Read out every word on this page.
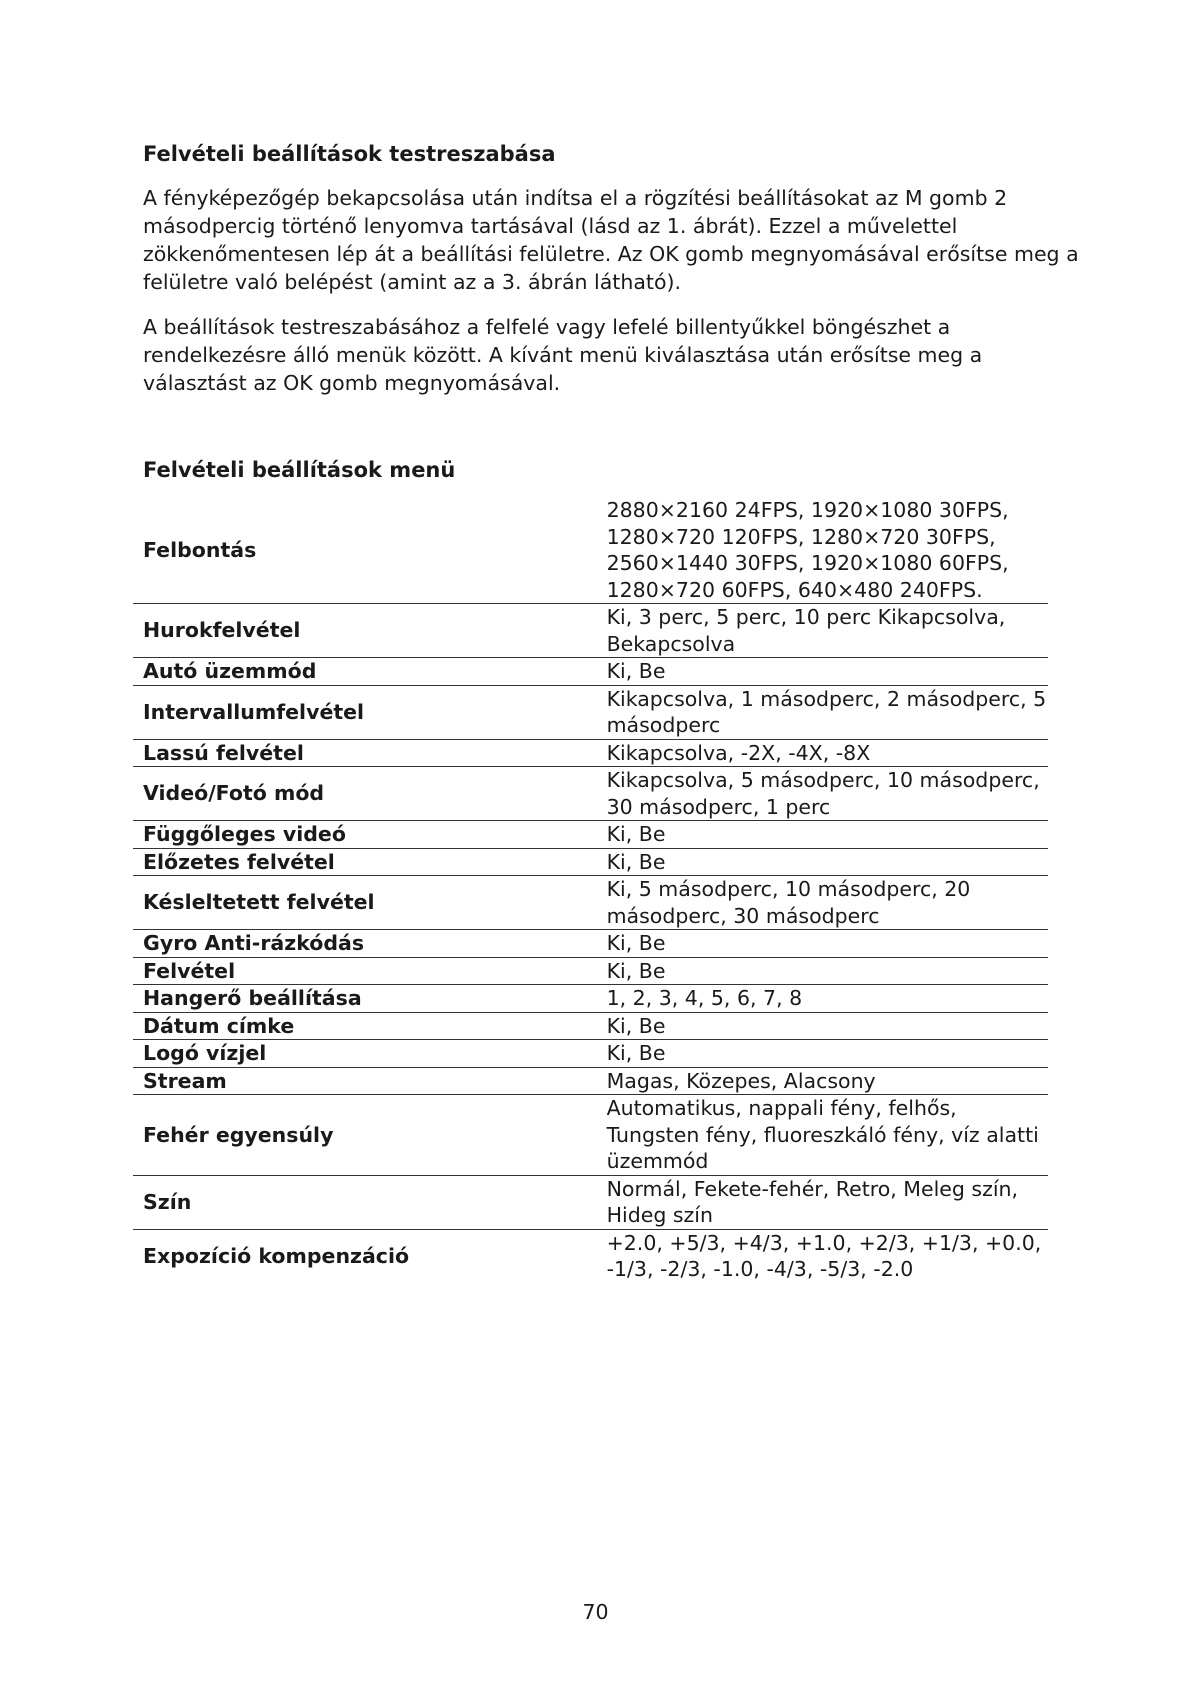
Felvételi beállítások testreszabása

A fényképezőgép bekapcsolása után indítsa el a rögzítési beállításokat az M gomb 2 másodpercig történő lenyomva tartásával (lásd az 1. ábrát). Ezzel a művelettel zökkenőmentesen lép át a beállítási felületre. Az OK gomb megnyomásával erősítse meg a felületre való belépést (amint az a 3. ábrán látható).

A beállítások testreszabásához a felfelé vagy lefelé billentyűkkel böngészhet a rendelkezésre álló menük között. A kívánt menü kiválasztása után erősítse meg a választást az OK gomb megnyomásával.

Felvételi beállítások menü
Felbontás	2880×2160 24FPS, 1920×1080 30FPS, 1280×720 120FPS, 1280×720 30FPS, 2560×1440 30FPS, 1920×1080 60FPS, 1280×720 60FPS, 640×480 240FPS.
Hurokfelvétel	Ki, 3 perc, 5 perc, 10 perc Kikapcsolva, Bekapcsolva
Autó üzemmód	Ki, Be
Intervallumfelvétel	Kikapcsolva, 1 másodperc, 2 másodperc, 5 másodperc
Lassú felvétel	Kikapcsolva, -2X, -4X, -8X
Videó/Fotó mód	Kikapcsolva, 5 másodperc, 10 másodperc, 30 másodperc, 1 perc
Függőleges videó	Ki, Be
Előzetes felvétel	Ki, Be
Késleltetett felvétel	Ki, 5 másodperc, 10 másodperc, 20 másodperc, 30 másodperc
Gyro Anti-rázkódás	Ki, Be
Felvétel	Ki, Be
Hangerő beállítása	1, 2, 3, 4, 5, 6, 7, 8
Dátum címke	Ki, Be
Logó vízjel	Ki, Be
Stream	Magas, Közepes, Alacsony
Fehér egyensúly	Automatikus, nappali fény, felhős, Tungsten fény, fluoreszkáló fény, víz alatti üzemmód
Szín	Normál, Fekete-fehér, Retro, Meleg szín, Hideg szín
Expozíció kompenzáció	+2.0, +5/3, +4/3, +1.0, +2/3, +1/3, +0.0, -1/3, -2/3, -1.0, -4/3, -5/3, -2.0
70
